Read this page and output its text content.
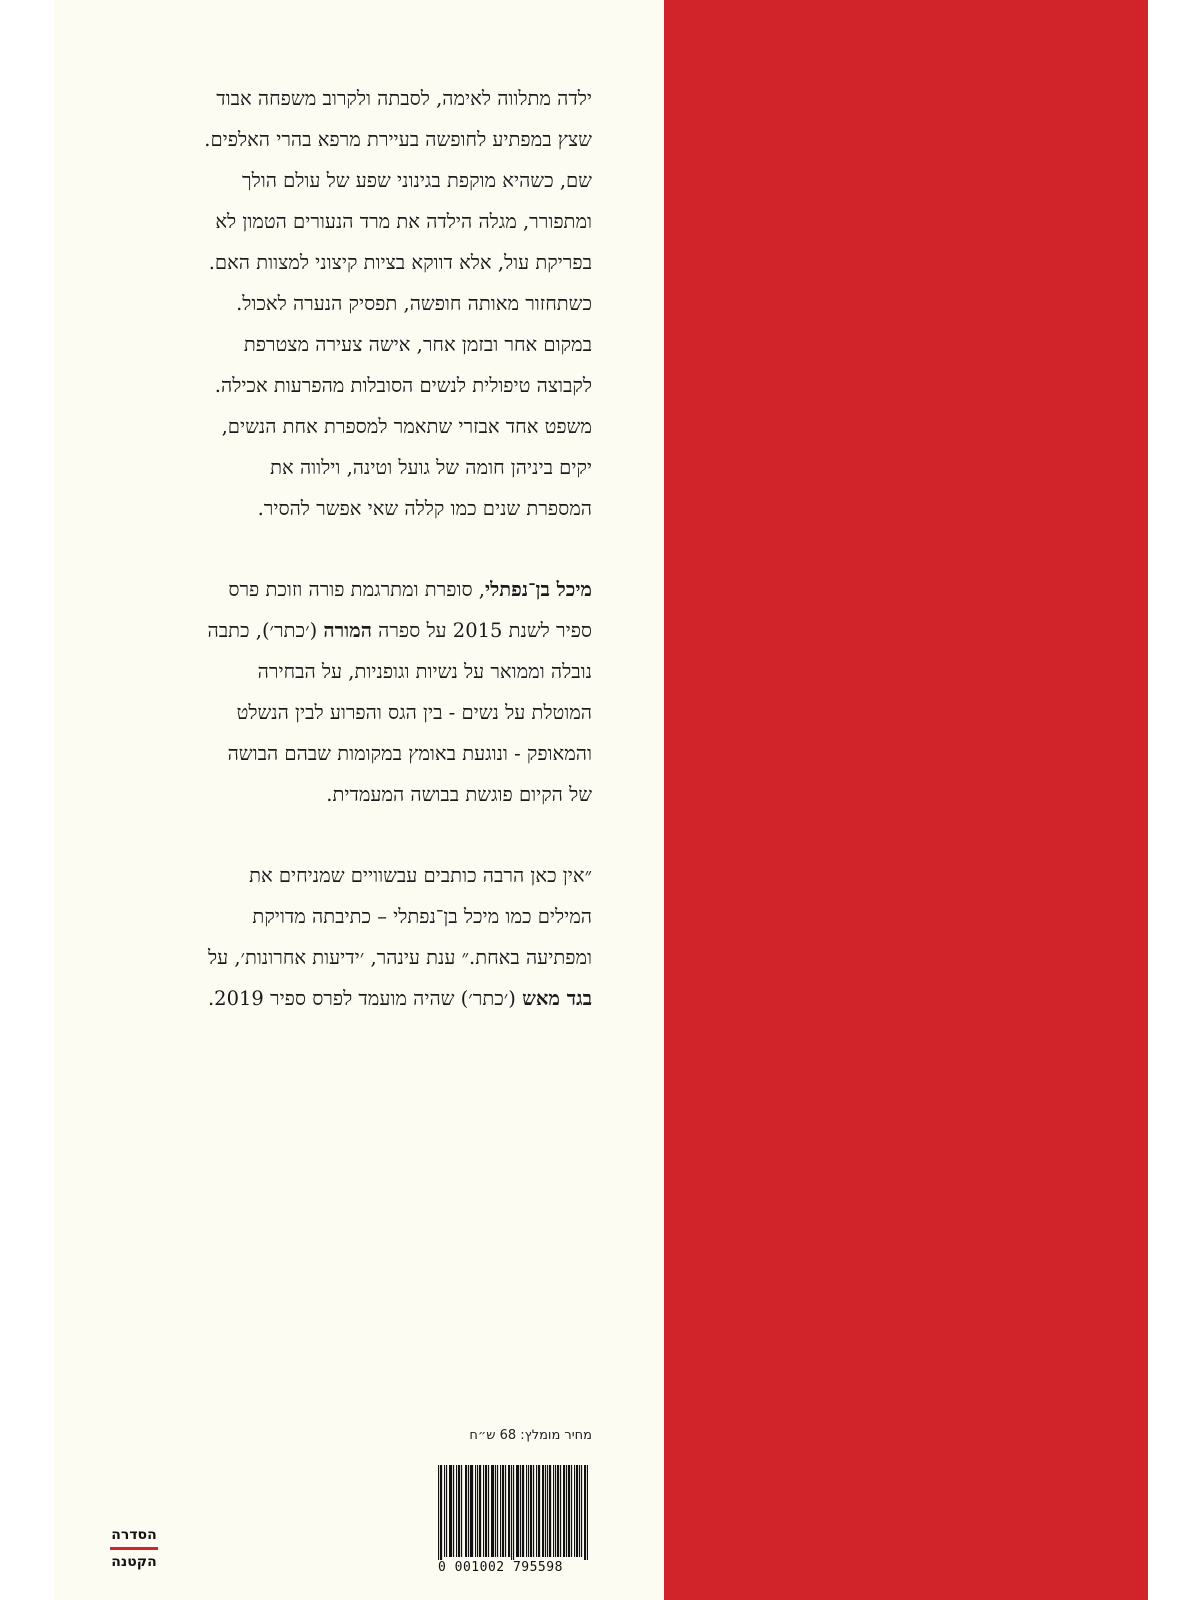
ילדה מתלווה לאימה, לסבתה ולקרוב משפחה אבוד

שצץ במפתיע לחופשה בעיירת מרפא בהרי האלפים.

שם, כשהיא מוקפת בגינוני שפע של עולם הולך

ומתפורר, מגלה הילדה את מרד הנעורים הטמון לא

בפריקת עול, אלא דווקא בציות קיצוני למצוות האם.

כשתחזור מאותה חופשה, תפסיק הנערה לאכול.

במקום אחר ובזמן אחר, אישה צעירה מצטרפת

לקבוצה טיפולית לנשים הסובלות מהפרעות אכילה.

משפט אחד אבזרי שתאמר למספרת אחת הנשים,

יקים ביניהן חומה של גועל וטינה, וילווה את

המספרת שנים כמו קללה שאי אפשר להסיר.

מיכל בן־נפתלי, סופרת ומתרגמת פורה וזוכת פרס

ספיר לשנת 2015 על ספרה המורה (׳כתר׳), כתבה

נובלה וממואר על נשיות וגופניות, על הבחירה

המוטלת על נשים - בין הגס והפרוע לבין הנשלט

והמאופק - ונוגעת באומץ במקומות שבהם הבושה

של הקיום פוגשת בבושה המעמדית.

״אין כאן הרבה כותבים עבשוויים שמניחים את

המילים כמו מיכל בן־נפתלי – כתיבתה מדויקת

ומפתיעה באחת.״ ענת עינהר, ׳ידיעות אחרונות׳, על

בגד מאש (׳כתר׳) שהיה מועמד לפרס ספיר 2019.

מחיר מומלץ: 68 ש״ח
0 001002 795598
הסדרה
הקטנה
